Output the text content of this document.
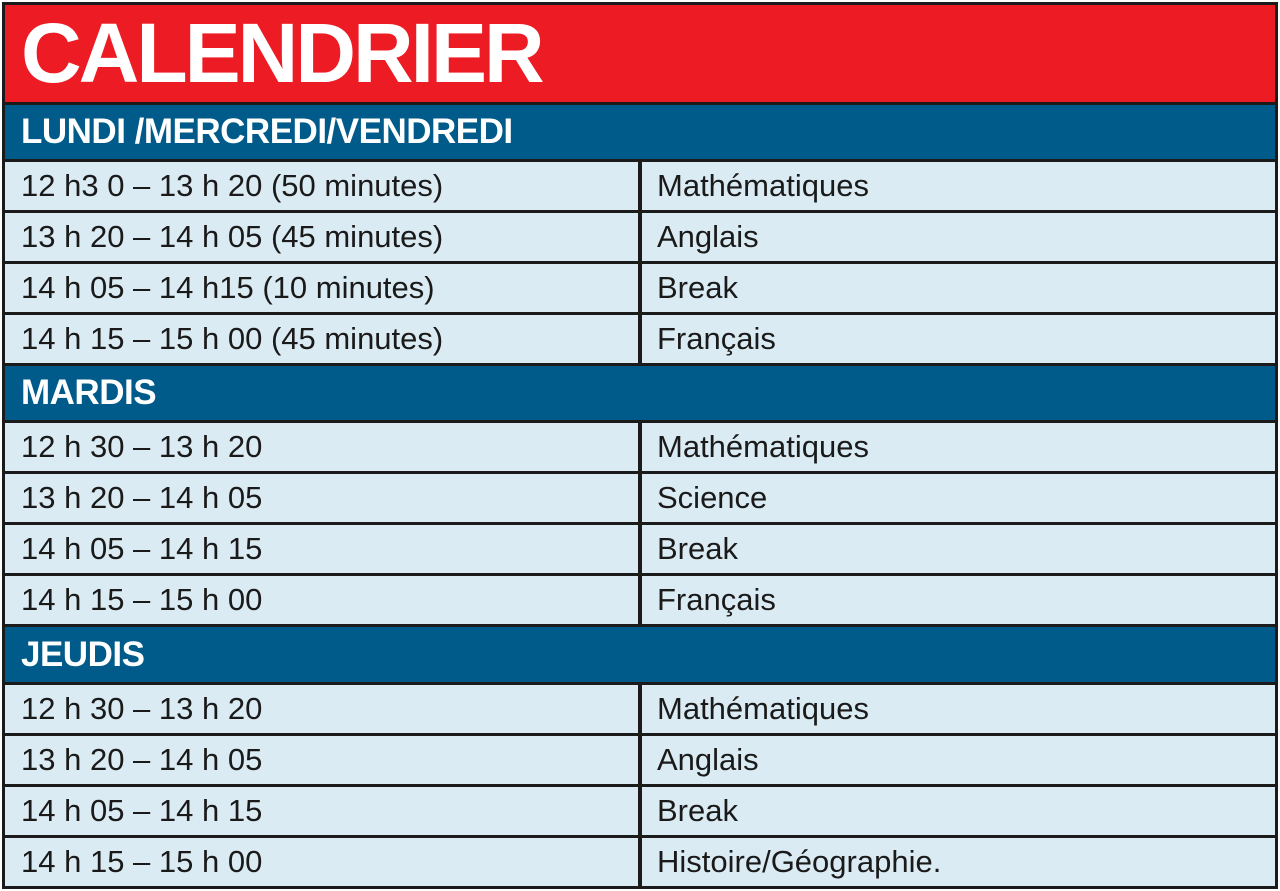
CALENDRIER
LUNDI /MERCREDI/VENDREDI
12 h3 0 – 13 h 20 (50 minutes)	Mathématiques
13 h 20 – 14 h 05 (45 minutes)	Anglais
14 h 05 – 14 h15 (10 minutes)	Break
14 h 15 – 15 h 00 (45 minutes)	Français
MARDIS
12 h 30 – 13 h 20	Mathématiques
13 h 20 – 14 h 05	Science
14 h 05 – 14 h 15	Break
14 h 15 – 15 h 00	Français
JEUDIS
12 h 30 – 13 h 20	Mathématiques
13 h 20 – 14 h 05	Anglais
14 h 05 – 14 h 15	Break
14 h 15 – 15 h 00	Histoire/Géographie.
